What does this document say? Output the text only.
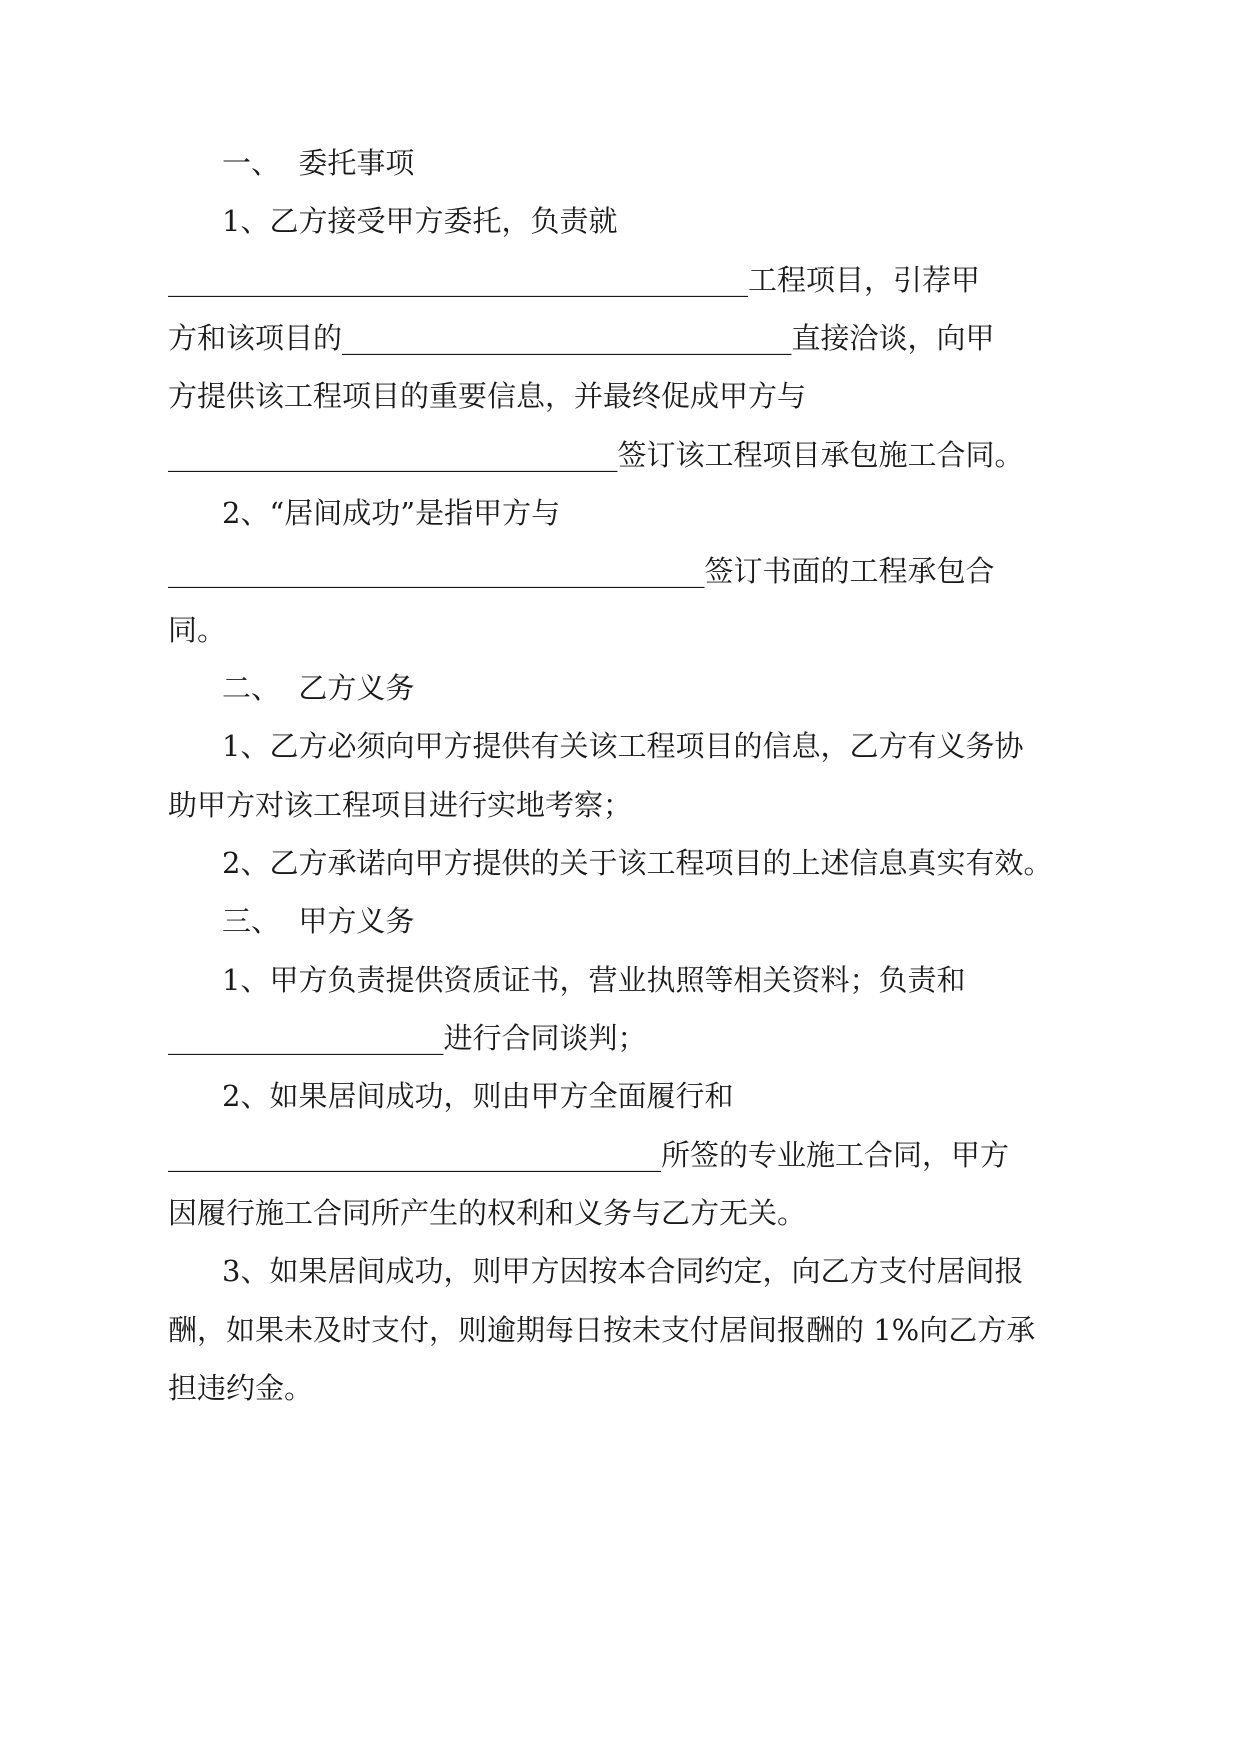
一、  委托事项
1、乙方接受甲方委托，负责就
________________________________________工程项目，引荐甲
方和该项目的_______________________________直接洽谈，向甲
方提供该工程项目的重要信息，并最终促成甲方与
_______________________________签订该工程项目承包施工合同。
2、“居间成功”是指甲方与
_____________________________________签订书面的工程承包合
同。
二、  乙方义务
1、乙方必须向甲方提供有关该工程项目的信息，乙方有义务协
助甲方对该工程项目进行实地考察；
2、乙方承诺向甲方提供的关于该工程项目的上述信息真实有效。
三、  甲方义务
1、甲方负责提供资质证书，营业执照等相关资料；负责和
___________________进行合同谈判；
2、如果居间成功，则由甲方全面履行和
__________________________________所签的专业施工合同，甲方
因履行施工合同所产生的权利和义务与乙方无关。
3、如果居间成功，则甲方因按本合同约定，向乙方支付居间报
酬，如果未及时支付，则逾期每日按未支付居间报酬的 1%向乙方承
担违约金。
